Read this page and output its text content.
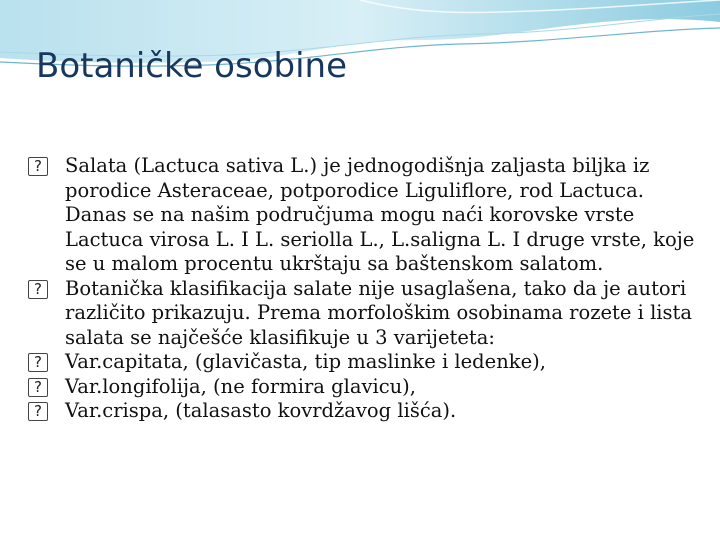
Botaničke osobine
?	Salata (Lactuca sativa L.) je jednogodišnja zaljasta biljka iz porodice Asteraceae, potporodice Liguliflore, rod Lactuca. Danas se na našim područjuma mogu naći korovske vrste Lactuca virosa L. I L. seriolla L., L.saligna L. I druge vrste, koje se u malom procentu ukrštaju sa baštenskom salatom.
?	Botanička klasifikacija salate nije usaglašena, tako da je autori različito prikazuju. Prema morfološkim osobinama rozete i lista salata se najčešće klasifikuje u 3 varijeteta:
?	Var.capitata, (glavičasta, tip maslinke i ledenke),
?	Var.longifolija, (ne formira glavicu),
?	Var.crispa, (talasasto kovrdžavog lišća).
